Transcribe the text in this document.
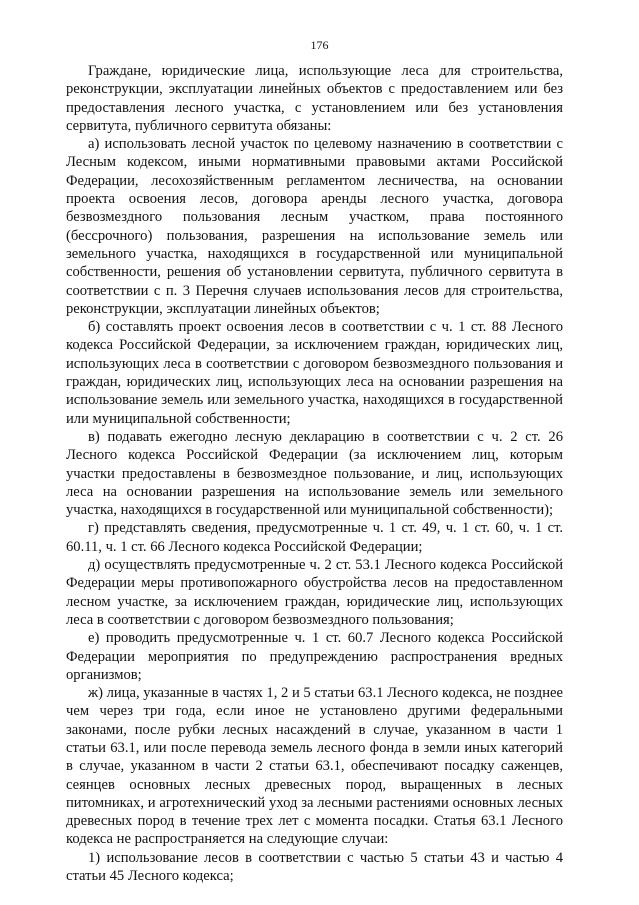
176

Граждане, юридические лица, использующие леса для строительства, реконструкции, эксплуатации линейных объектов с предоставлением или без предоставления лесного участка, с установлением или без установления сервитута, публичного сервитута обязаны:

а) использовать лесной участок по целевому назначению в соответствии с Лесным кодексом, иными нормативными правовыми актами Российской Федерации, лесохозяйственным регламентом лесничества, на основании проекта освоения лесов, договора аренды лесного участка, договора безвозмездного пользования лесным участком, права постоянного (бессрочного) пользования, разрешения на использование земель или земельного участка, находящихся в государственной или муниципальной собственности, решения об установлении сервитута, публичного сервитута в соответствии с п. 3 Перечня случаев использования лесов для строительства, реконструкции, эксплуатации линейных объектов;

б) составлять проект освоения лесов в соответствии с ч. 1 ст. 88 Лесного кодекса Российской Федерации, за исключением граждан, юридических лиц, использующих леса в соответствии с договором безвозмездного пользования и граждан, юридических лиц, использующих леса на основании разрешения на использование земель или земельного участка, находящихся в государственной или муниципальной собственности;

в) подавать ежегодно лесную декларацию в соответствии с ч. 2 ст. 26 Лесного кодекса Российской Федерации (за исключением лиц, которым участки предоставлены в безвозмездное пользование, и лиц, использующих леса на основании разрешения на использование земель или земельного участка, находящихся в государственной или муниципальной собственности);

г) представлять сведения, предусмотренные ч. 1 ст. 49, ч. 1 ст. 60, ч. 1 ст. 60.11, ч. 1 ст. 66 Лесного кодекса Российской Федерации;

д) осуществлять предусмотренные ч. 2 ст. 53.1 Лесного кодекса Российской Федерации меры противопожарного обустройства лесов на предоставленном лесном участке, за исключением граждан, юридические лиц, использующих леса в соответствии с договором безвозмездного пользования;

е) проводить предусмотренные ч. 1 ст. 60.7 Лесного кодекса Российской Федерации мероприятия по предупреждению распространения вредных организмов;

ж) лица, указанные в частях 1, 2 и 5 статьи 63.1 Лесного кодекса, не позднее чем через три года, если иное не установлено другими федеральными законами, после рубки лесных насаждений в случае, указанном в части 1 статьи 63.1, или после перевода земель лесного фонда в земли иных категорий в случае, указанном в части 2 статьи 63.1, обеспечивают посадку саженцев, сеянцев основных лесных древесных пород, выращенных в лесных питомниках, и агротехнический уход за лесными растениями основных лесных древесных пород в течение трех лет с момента посадки. Статья 63.1 Лесного кодекса не распространяется на следующие случаи:

1) использование лесов в соответствии с частью 5 статьи 43 и частью 4 статьи 45 Лесного кодекса;
